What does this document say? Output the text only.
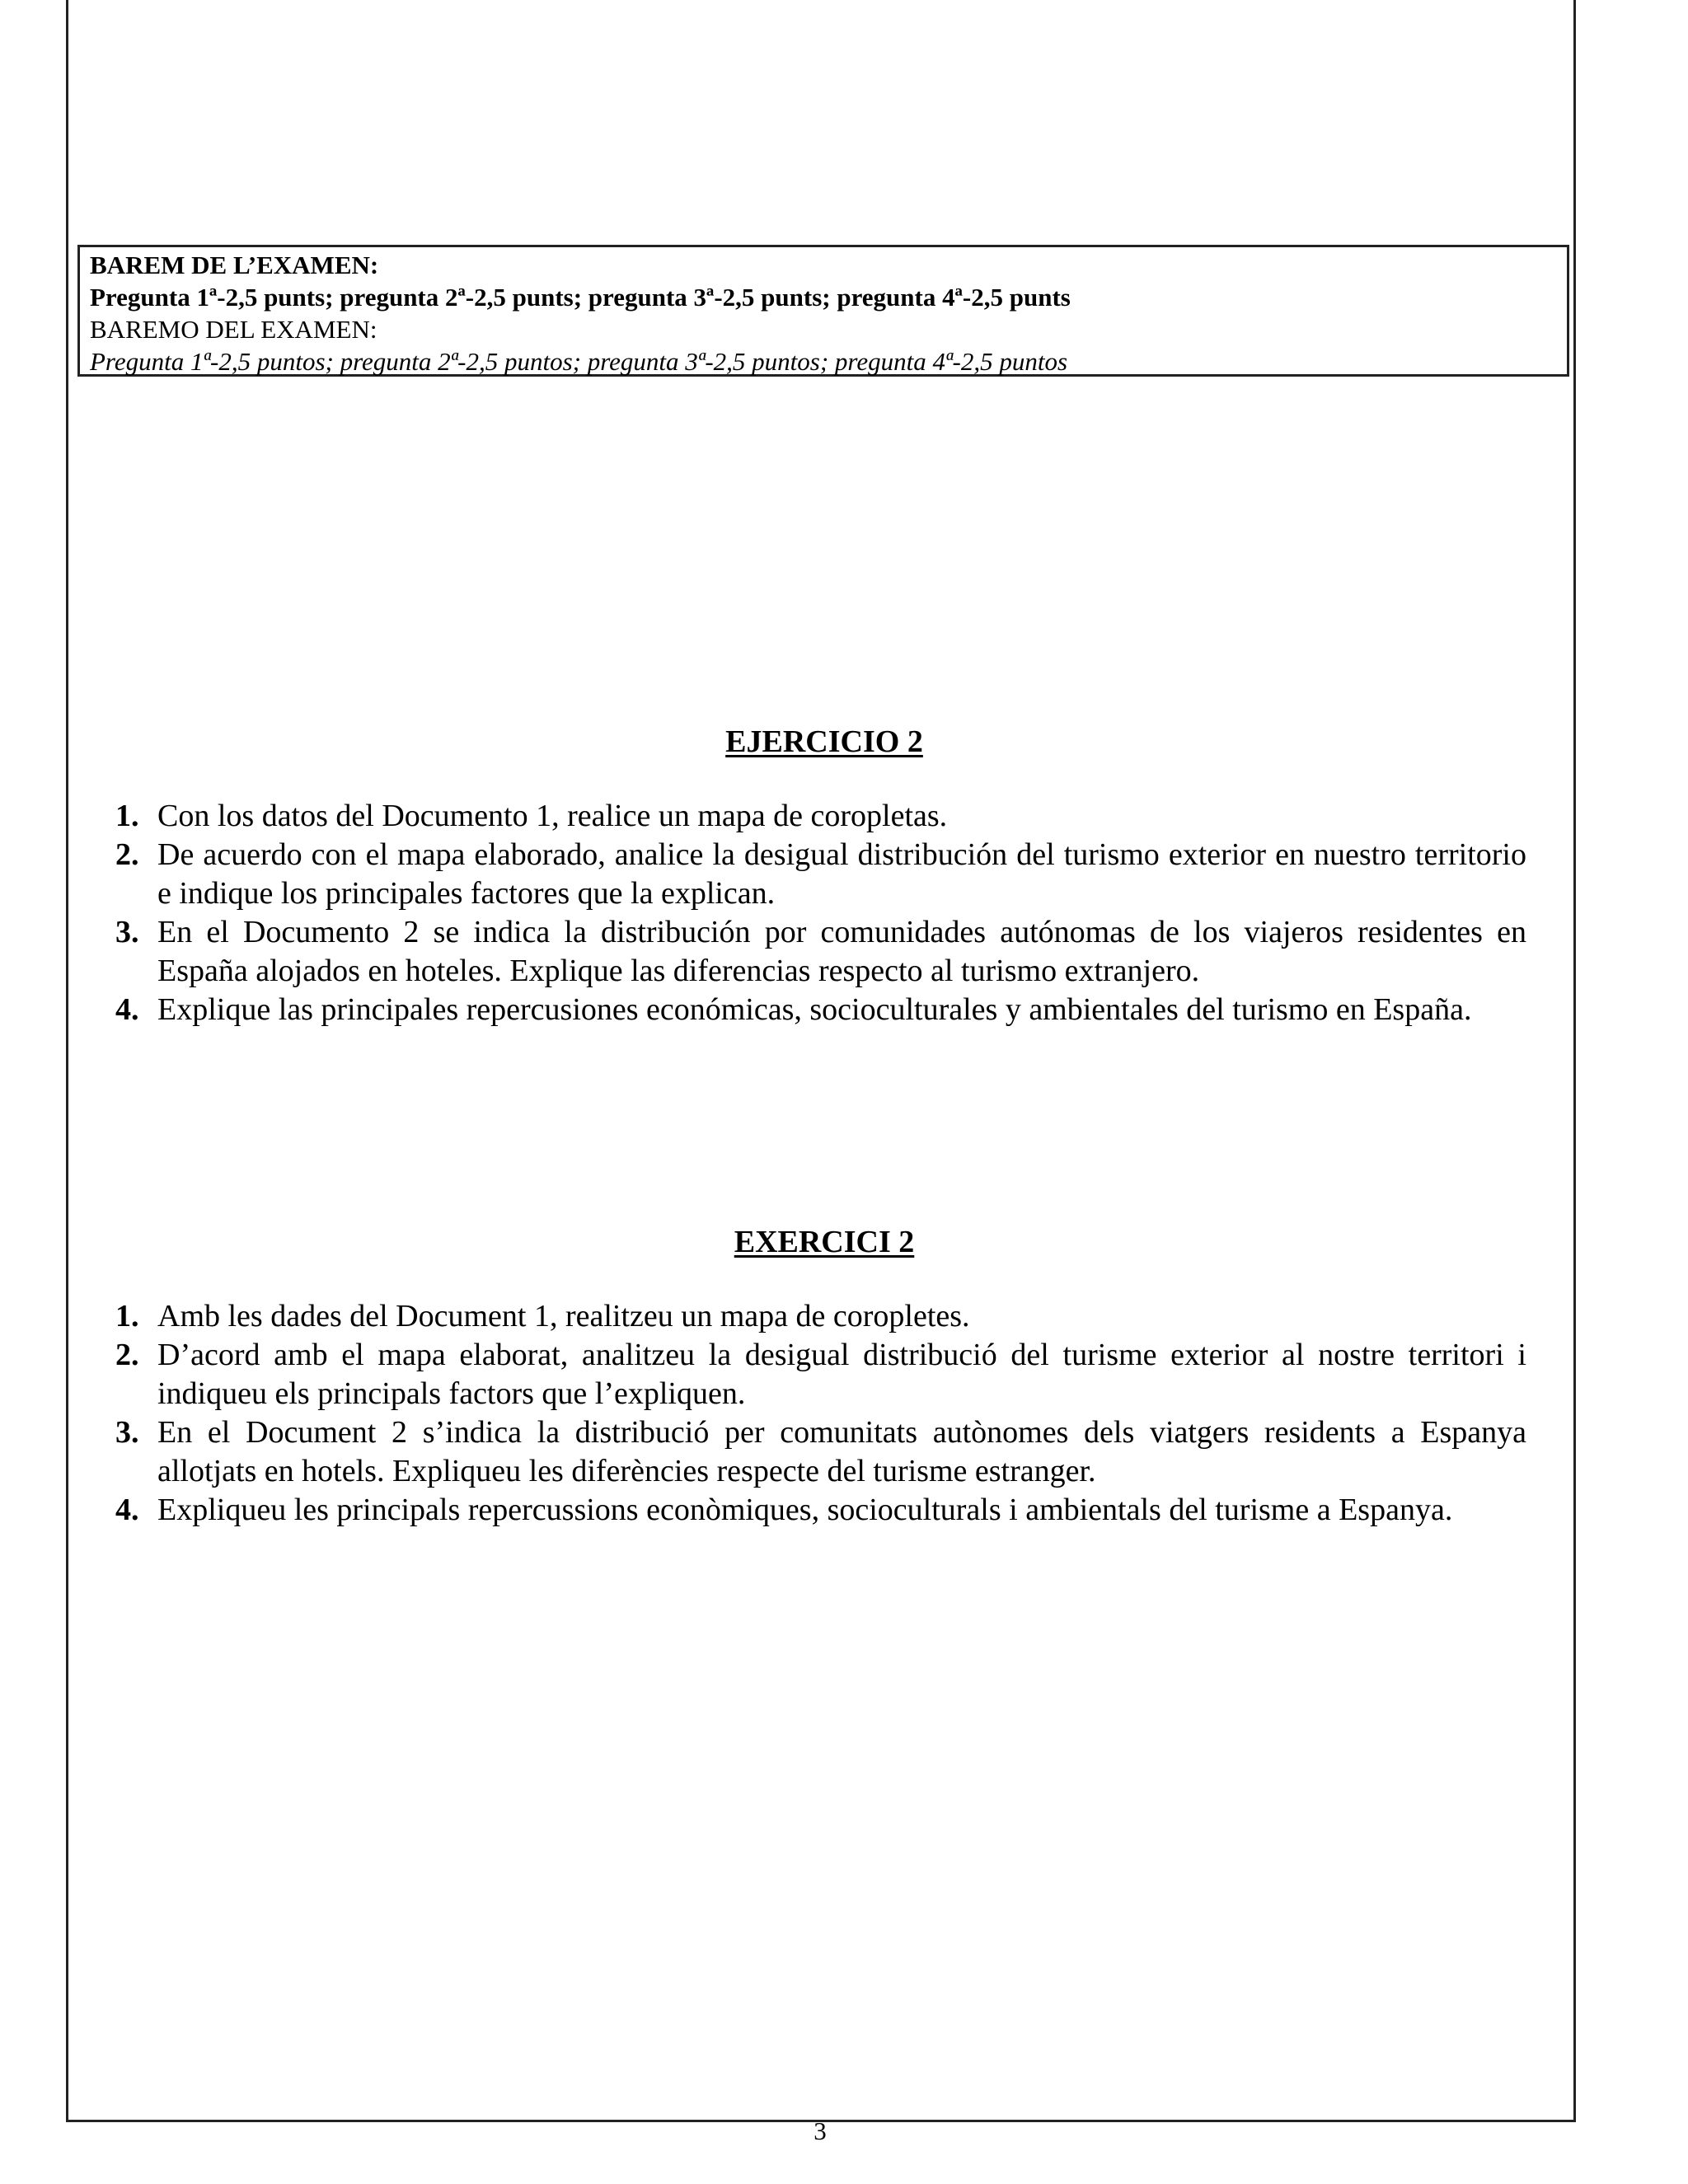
BAREM DE L’EXAMEN:
Pregunta 1ª-2,5 punts; pregunta 2ª-2,5 punts; pregunta 3ª-2,5 punts; pregunta 4ª-2,5 punts
BAREMO DEL EXAMEN:
Pregunta 1ª-2,5 puntos; pregunta 2ª-2,5 puntos; pregunta 3ª-2,5 puntos; pregunta 4ª-2,5 puntos
EJERCICIO 2
1. Con los datos del Documento 1, realice un mapa de coropletas.
2. De acuerdo con el mapa elaborado, analice la desigual distribución del turismo exterior en nuestro territorio e indique los principales factores que la explican.
3. En el Documento 2 se indica la distribución por comunidades autónomas de los viajeros residentes en España alojados en hoteles. Explique las diferencias respecto al turismo extranjero.
4. Explique las principales repercusiones económicas, socioculturales y ambientales del turismo en España.
EXERCICI 2
1. Amb les dades del Document 1, realitzeu un mapa de coropletes.
2. D’acord amb el mapa elaborat, analitzeu la desigual distribució del turisme exterior al nostre territori i indiqueu els principals factors que l’expliquen.
3. En el Document 2 s’indica la distribució per comunitats autònomes dels viatgers residents a Espanya allotjats en hotels. Expliqueu les diferències respecte del turisme estranger.
4. Expliqueu les principals repercussions econòmiques, socioculturals i ambientals del turisme a Espanya.
3
